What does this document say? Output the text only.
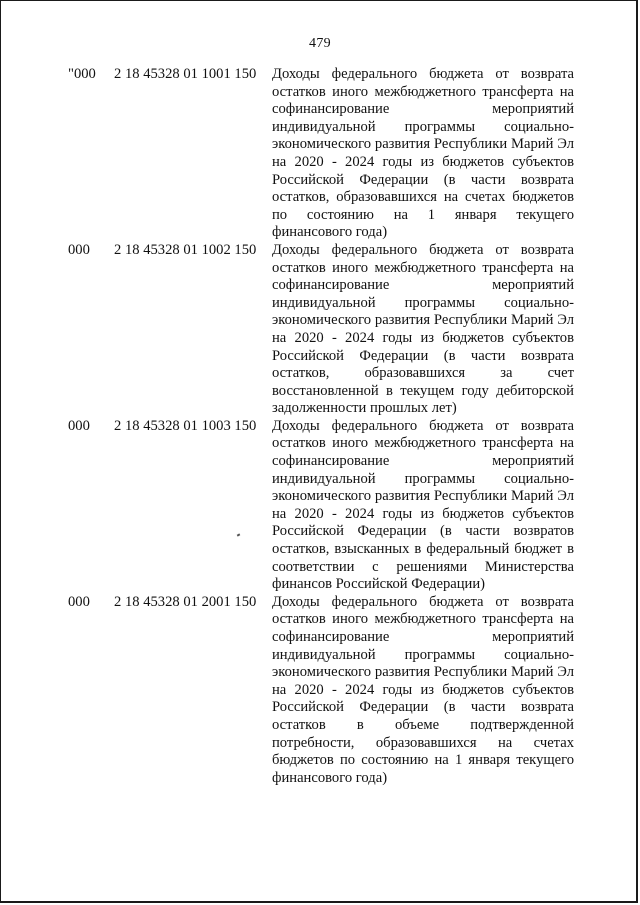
479
"000	2 18 45328 01 1001 150	Доходы федерального бюджета от возврата остатков иного межбюджетного трансферта на софинансирование мероприятий индивидуальной программы социально-экономического развития Республики Марий Эл на 2020 - 2024 годы из бюджетов субъектов Российской Федерации (в части возврата остатков, образовавшихся на счетах бюджетов по состоянию на 1 января текущего финансового года)
000	2 18 45328 01 1002 150	Доходы федерального бюджета от возврата остатков иного межбюджетного трансферта на софинансирование мероприятий индивидуальной программы социально-экономического развития Республики Марий Эл на 2020 - 2024 годы из бюджетов субъектов Российской Федерации (в части возврата остатков, образовавшихся за счет восстановленной в текущем году дебиторской задолженности прошлых лет)
000	2 18 45328 01 1003 150	Доходы федерального бюджета от возврата остатков иного межбюджетного трансферта на софинансирование мероприятий индивидуальной программы социально-экономического развития Республики Марий Эл на 2020 - 2024 годы из бюджетов субъектов Российской Федерации (в части возвратов остатков, взысканных в федеральный бюджет в соответствии с решениями Министерства финансов Российской Федерации)
000	2 18 45328 01 2001 150	Доходы федерального бюджета от возврата остатков иного межбюджетного трансферта на софинансирование мероприятий индивидуальной программы социально-экономического развития Республики Марий Эл на 2020 - 2024 годы из бюджетов субъектов Российской Федерации (в части возврата остатков в объеме подтвержденной потребности, образовавшихся на счетах бюджетов по состоянию на 1 января текущего финансового года)
